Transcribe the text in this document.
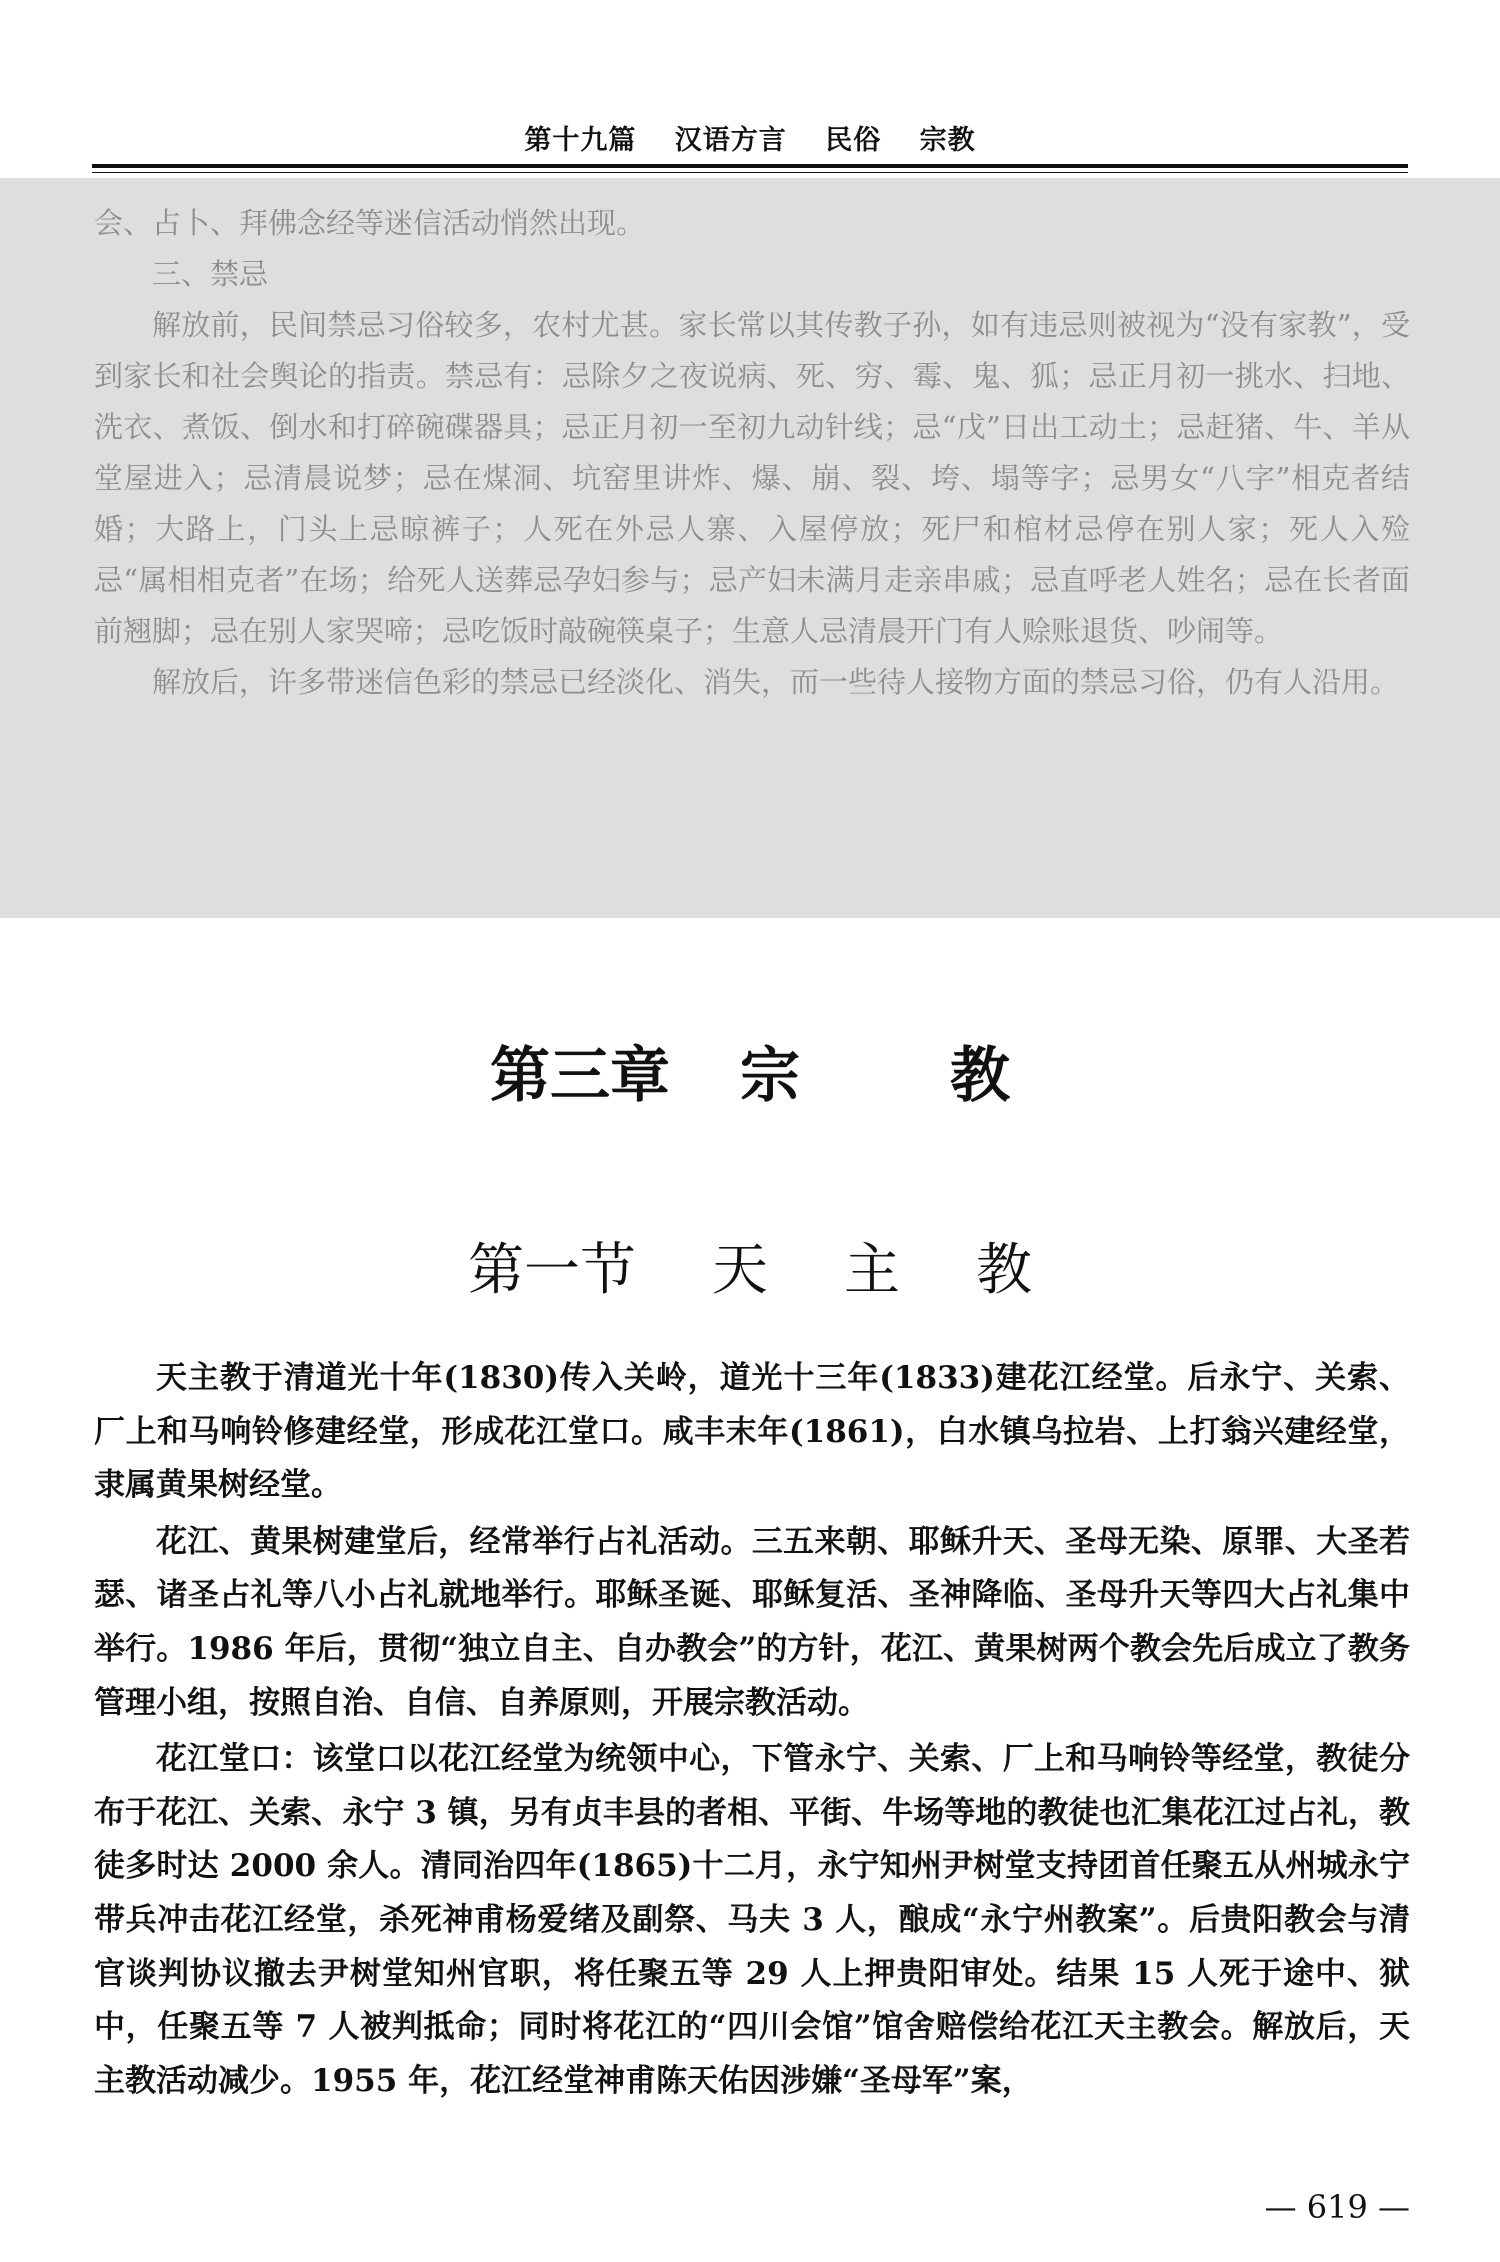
第十九篇 汉语方言 民俗 宗教

会、占卜、拜佛念经等迷信活动悄然出现。

三、禁忌

解放前，民间禁忌习俗较多，农村尤甚。家长常以其传教子孙，如有违忌则被视为“没有家教”，受到家长和社会舆论的指责。禁忌有：忌除夕之夜说病、死、穷、霉、鬼、狐；忌正月初一挑水、扫地、洗衣、煮饭、倒水和打碎碗碟器具；忌正月初一至初九动针线；忌“戊”日出工动土；忌赶猪、牛、羊从堂屋进入；忌清晨说梦；忌在煤洞、坑窑里讲炸、爆、崩、裂、垮、塌等字；忌男女“八字”相克者结婚；大路上，门头上忌晾裤子；人死在外忌人寨、入屋停放；死尸和棺材忌停在别人家；死人入殓忌“属相相克者”在场；给死人送葬忌孕妇参与；忌产妇未满月走亲串戚；忌直呼老人姓名；忌在长者面前翘脚；忌在别人家哭啼；忌吃饭时敲碗筷桌子；生意人忌清晨开门有人赊账退货、吵闹等。

解放后，许多带迷信色彩的禁忌已经淡化、消失，而一些待人接物方面的禁忌习俗，仍有人沿用。

第三章 宗	教
第一节 天 主 教

天主教于清道光十年(1830)传入关岭，道光十三年(1833)建花江经堂。后永宁、关索、厂上和马响铃修建经堂，形成花江堂口。咸丰末年(1861)，白水镇乌拉岩、上打翁兴建经堂，隶属黄果树经堂。

花江、黄果树建堂后，经常举行占礼活动。三五来朝、耶稣升天、圣母无染、原罪、大圣若瑟、诸圣占礼等八小占礼就地举行。耶稣圣诞、耶稣复活、圣神降临、圣母升天等四大占礼集中举行。1986 年后，贯彻“独立自主、自办教会”的方针，花江、黄果树两个教会先后成立了教务管理小组，按照自治、自信、自养原则，开展宗教活动。

花江堂口：该堂口以花江经堂为统领中心，下管永宁、关索、厂上和马响铃等经堂，教徒分布于花江、关索、永宁 3 镇，另有贞丰县的者相、平街、牛场等地的教徒也汇集花江过占礼，教徒多时达 2000 余人。清同治四年(1865)十二月，永宁知州尹树堂支持团首任聚五从州城永宁带兵冲击花江经堂，杀死神甫杨爱绪及副祭、马夫 3 人，酿成“永宁州教案”。后贵阳教会与清官谈判协议撤去尹树堂知州官职，将任聚五等 29 人上押贵阳审处。结果 15 人死于途中、狱中，任聚五等 7 人被判抵命；同时将花江的“四川会馆”馆舍赔偿给花江天主教会。解放后，天主教活动减少。1955 年，花江经堂神甫陈天佑因涉嫌“圣母军”案，

— 619 —
